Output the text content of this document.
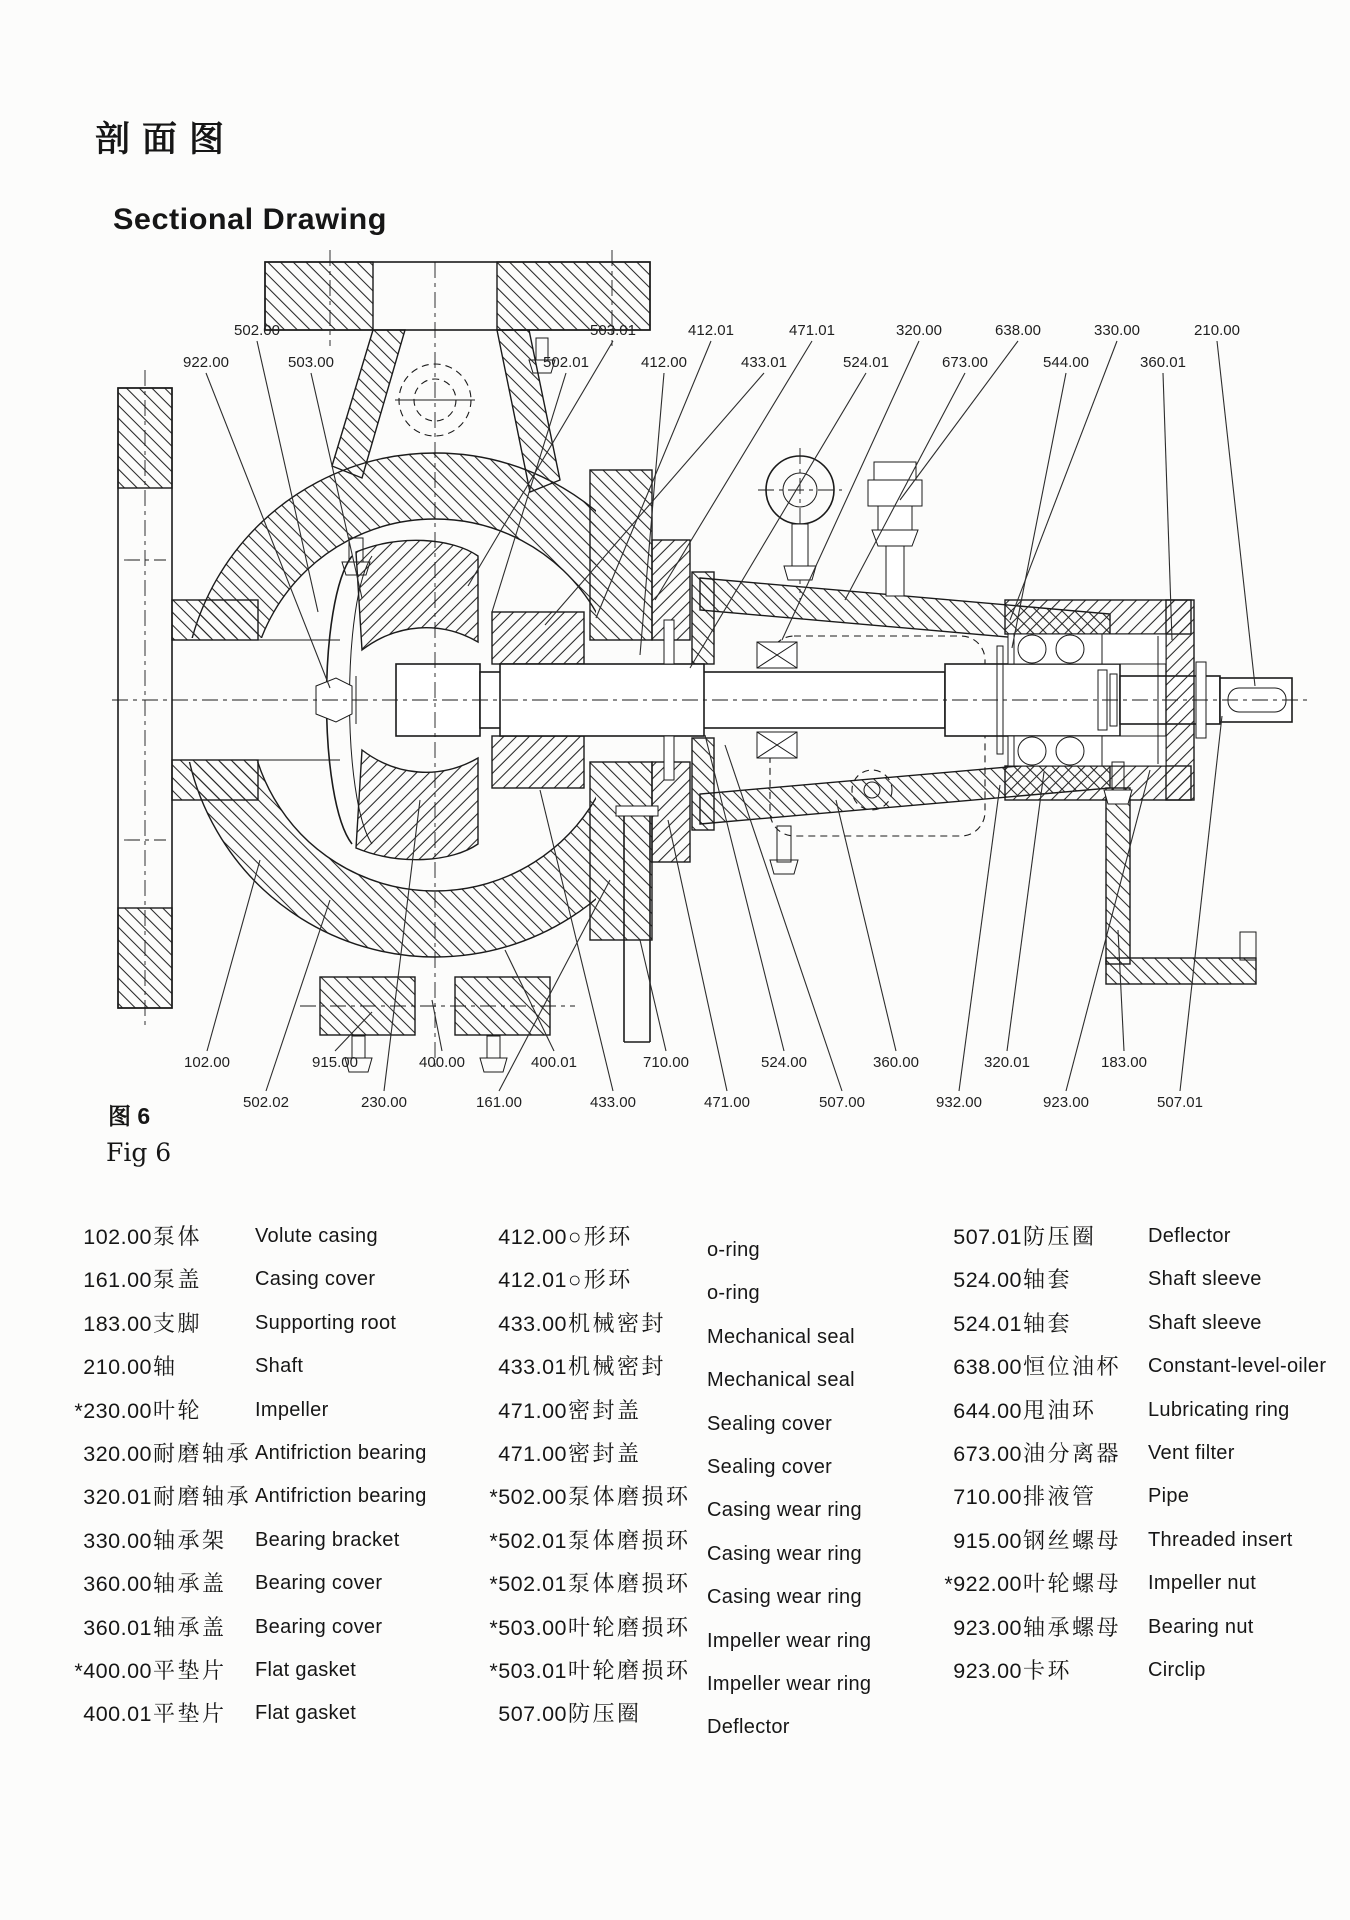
剖面图
Sectional Drawing
502.00	503.01	412.01	471.01	320.00	638.00	330.00	210.00
922.00	503.00	502.01	412.00	433.01	524.01	673.00	544.00	360.01
102.00	915.00	400.00	400.01	710.00	524.00	360.00	320.01	183.00
502.02	230.00	161.00	433.00	471.00	507.00	932.00	923.00	507.01
图 6
Fig 6
102.00泵体	Volute casing
161.00泵盖	Casing cover
183.00支脚	Supporting root
210.00轴	Shaft
*230.00叶轮	Impeller
320.00耐磨轴承 Antifriction bearing
320.01耐磨轴承 Antifriction bearing
330.00轴承架 Bearing bracket
360.00轴承盖 Bearing cover
360.01轴承盖 Bearing cover
*400.00平垫片 Flat gasket
400.01平垫片 Flat gasket
412.00○形环
o-ring
412.01○形环
o-ring
433.00机械密封
Mechanical seal
433.01机械密封
Mechanical seal
471.00密封盖
Sealing cover
471.00密封盖
Sealing cover
*502.00泵体磨损环
Casing wear ring
*502.01泵体磨损环
Casing wear ring
*502.01泵体磨损环
Casing wear ring
*503.00叶轮磨损环
Impeller wear ring
*503.01叶轮磨损环
Impeller wear ring
507.00防压圈
Deflector
507.01防压圈	Deflector
524.00轴套	Shaft sleeve
524.01轴套	Shaft sleeve
638.00恒位油杯 Constant-level-oiler
644.00甩油环	Lubricating ring
673.00油分离器 Vent filter
710.00排液管	Pipe
915.00钢丝螺母 Threaded insert
*922.00叶轮螺母 Impeller nut
923.00轴承螺母 Bearing nut
923.00卡环	Circlip
